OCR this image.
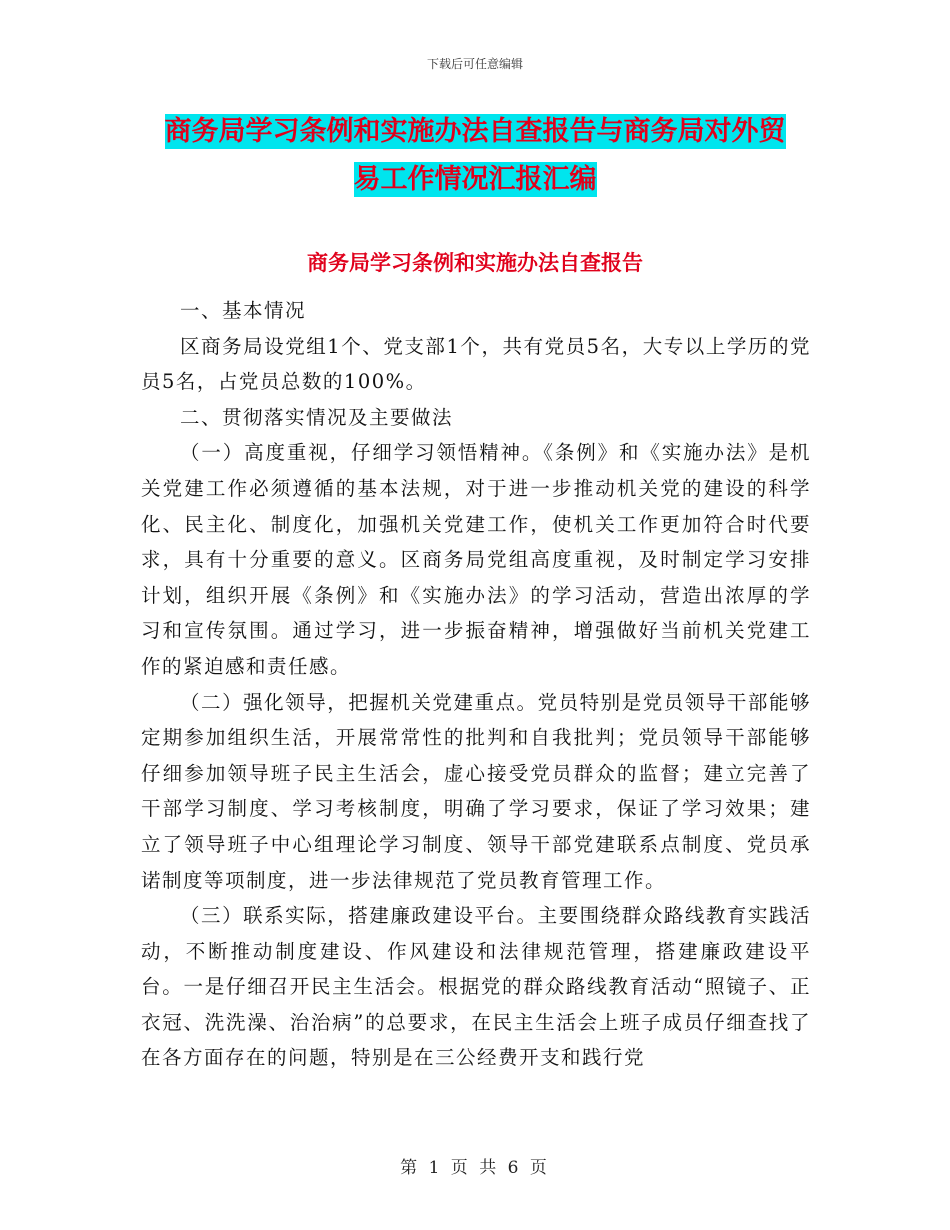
下载后可任意编辑
商务局学习条例和实施办法自查报告与商务局对外贸
易工作情况汇报汇编
商务局学习条例和实施办法自查报告

一、基本情况

区商务局设党组1个、党支部1个，共有党员5名，大专以上学历的党员5名，占党员总数的100%。

二、贯彻落实情况及主要做法

（一）高度重视，仔细学习领悟精神。《条例》和《实施办法》是机关党建工作必须遵循的基本法规，对于进一步推动机关党的建设的科学化、民主化、制度化，加强机关党建工作，使机关工作更加符合时代要求，具有十分重要的意义。区商务局党组高度重视，及时制定学习安排计划，组织开展《条例》和《实施办法》的学习活动，营造出浓厚的学习和宣传氛围。通过学习，进一步振奋精神，增强做好当前机关党建工作的紧迫感和责任感。

（二）强化领导，把握机关党建重点。党员特别是党员领导干部能够定期参加组织生活，开展常常性的批判和自我批判；党员领导干部能够仔细参加领导班子民主生活会，虚心接受党员群众的监督；建立完善了干部学习制度、学习考核制度，明确了学习要求，保证了学习效果；建立了领导班子中心组理论学习制度、领导干部党建联系点制度、党员承诺制度等项制度，进一步法律规范了党员教育管理工作。

（三）联系实际，搭建廉政建设平台。主要围绕群众路线教育实践活动，不断推动制度建设、作风建设和法律规范管理，搭建廉政建设平台。一是仔细召开民主生活会。根据党的群众路线教育活动“照镜子、正衣冠、洗洗澡、治治病”的总要求，在民主生活会上班子成员仔细查找了在各方面存在的问题，特别是在三公经费开支和践行党

第 1 页 共 6 页
